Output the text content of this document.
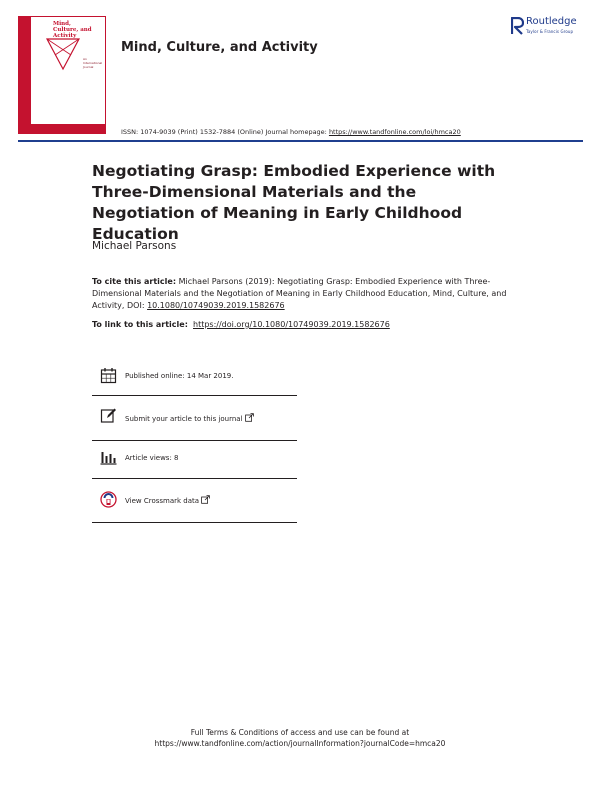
Mind,
Culture, and
Activity
An International Journal
Mind, Culture, and Activity
Routledge
Taylor & Francis Group
ISSN: 1074-9039 (Print) 1532-7884 (Online) Journal homepage: https://www.tandfonline.com/loi/hmca20
Negotiating Grasp: Embodied Experience with Three-Dimensional Materials and the Negotiation of Meaning in Early Childhood Education
Michael Parsons
To cite this article: Michael Parsons (2019): Negotiating Grasp: Embodied Experience with Three-Dimensional Materials and the Negotiation of Meaning in Early Childhood Education, Mind, Culture, and Activity, DOI: 10.1080/10749039.2019.1582676
To link to this article: https://doi.org/10.1080/10749039.2019.1582676
Published online: 14 Mar 2019.
Submit your article to this journal
Article views: 8
View Crossmark data
Full Terms & Conditions of access and use can be found at
https://www.tandfonline.com/action/journalInformation?journalCode=hmca20
